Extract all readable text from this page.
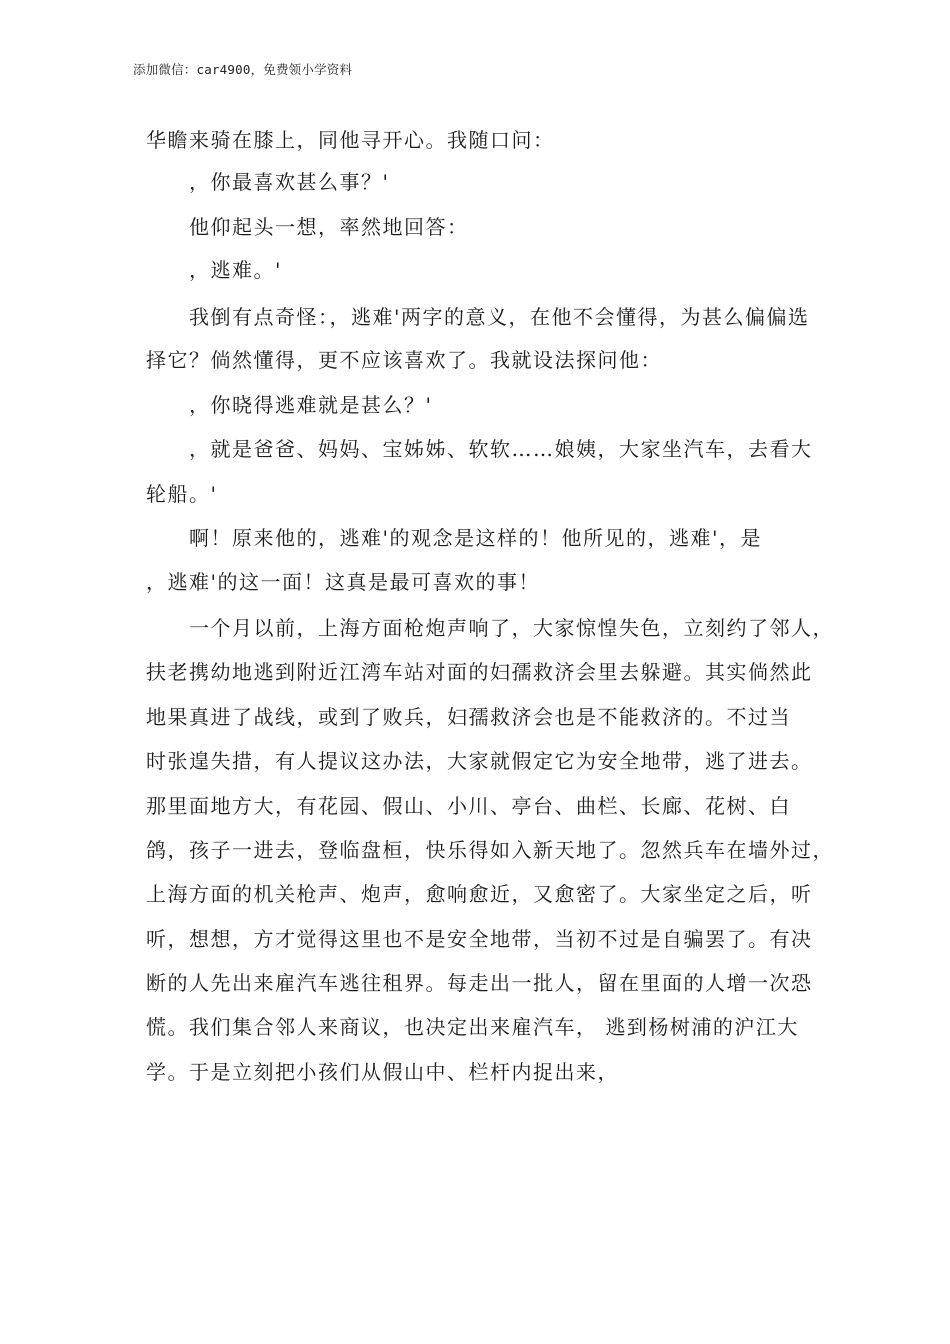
添加微信：car4900，免费领小学资料
华瞻来骑在膝上，同他寻开心。我随口问：
，你最喜欢甚么事？'
他仰起头一想，率然地回答：
，逃难。'
我倒有点奇怪：，逃难'两字的意义，在他不会懂得，为甚么偏偏选
择它？倘然懂得，更不应该喜欢了。我就设法探问他：
，你晓得逃难就是甚么？'
，就是爸爸、妈妈、宝姊姊、软软……娘姨，大家坐汽车，去看大
轮船。'
啊！原来他的，逃难'的观念是这样的！他所见的，逃难'，是
，逃难'的这一面！这真是最可喜欢的事！
一个月以前，上海方面枪炮声响了，大家惊惶失色，立刻约了邻人，
扶老携幼地逃到附近江湾车站对面的妇孺救济会里去躲避。其实倘然此
地果真进了战线，或到了败兵，妇孺救济会也是不能救济的。不过当
时张遑失措，有人提议这办法，大家就假定它为安全地带，逃了进去。
那里面地方大，有花园、假山、小川、亭台、曲栏、长廊、花树、白
鸽，孩子一进去，登临盘桓，快乐得如入新天地了。忽然兵车在墙外过，
上海方面的机关枪声、炮声，愈响愈近，又愈密了。大家坐定之后，听
听，想想，方才觉得这里也不是安全地带，当初不过是自骗罢了。有决
断的人先出来雇汽车逃往租界。每走出一批人，留在里面的人增一次恐
慌。我们集合邻人来商议，也决定出来雇汽车， 逃到杨树浦的沪江大
学。于是立刻把小孩们从假山中、栏杆内捉出来，
